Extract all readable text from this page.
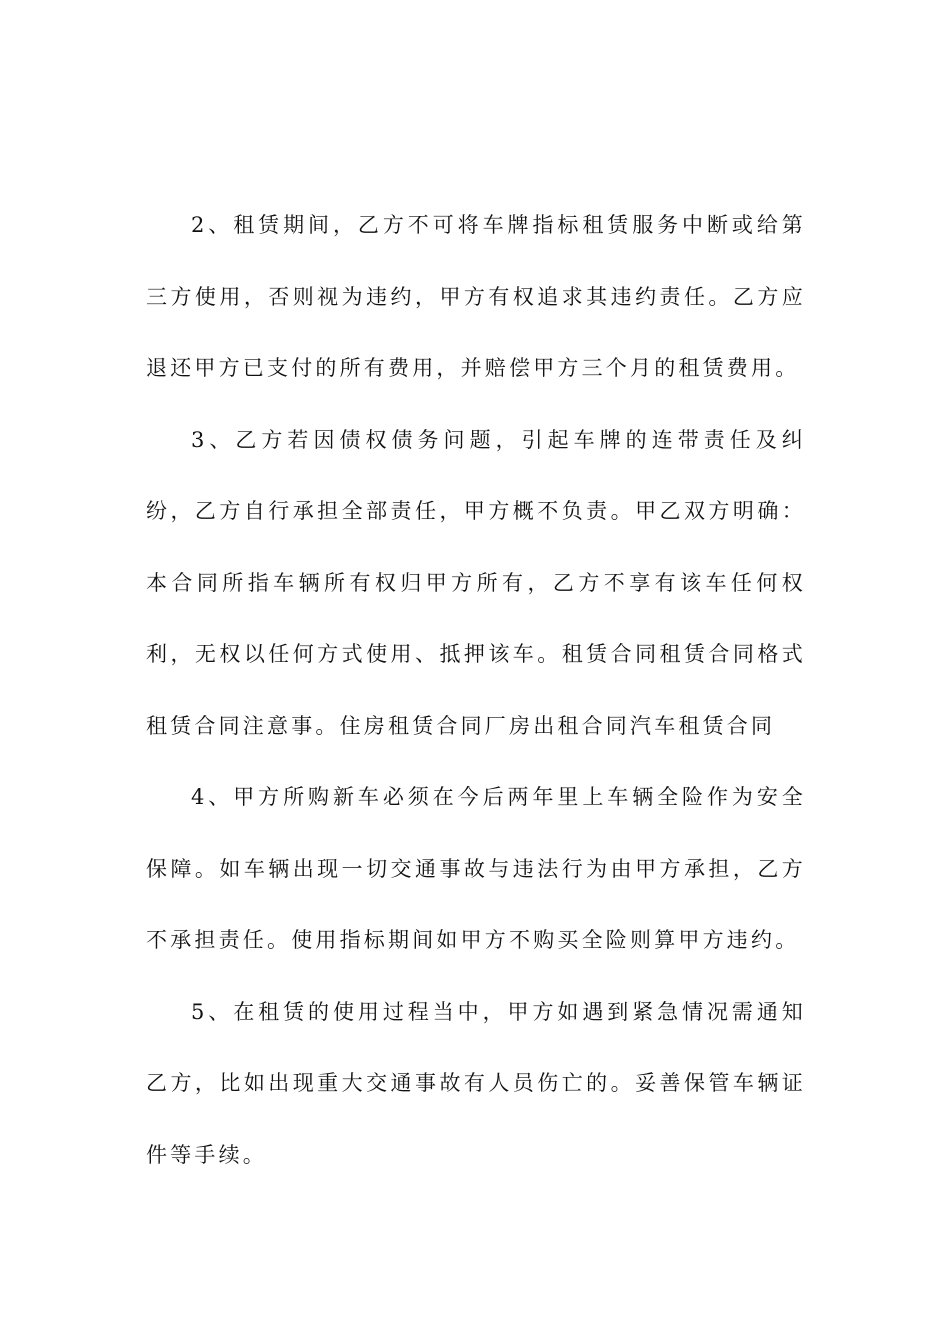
2、租赁期间，乙方不可将车牌指标租赁服务中断或给第三方使用，否则视为违约，甲方有权追求其违约责任。乙方应退还甲方已支付的所有费用，并赔偿甲方三个月的租赁费用。

3、乙方若因债权债务问题，引起车牌的连带责任及纠纷，乙方自行承担全部责任，甲方概不负责。甲乙双方明确：本合同所指车辆所有权归甲方所有，乙方不享有该车任何权利，无权以任何方式使用、抵押该车。租赁合同租赁合同格式租赁合同注意事。住房租赁合同厂房出租合同汽车租赁合同

4、甲方所购新车必须在今后两年里上车辆全险作为安全保障。如车辆出现一切交通事故与违法行为由甲方承担，乙方不承担责任。使用指标期间如甲方不购买全险则算甲方违约。

5、在租赁的使用过程当中，甲方如遇到紧急情况需通知乙方，比如出现重大交通事故有人员伤亡的。妥善保管车辆证件等手续。
